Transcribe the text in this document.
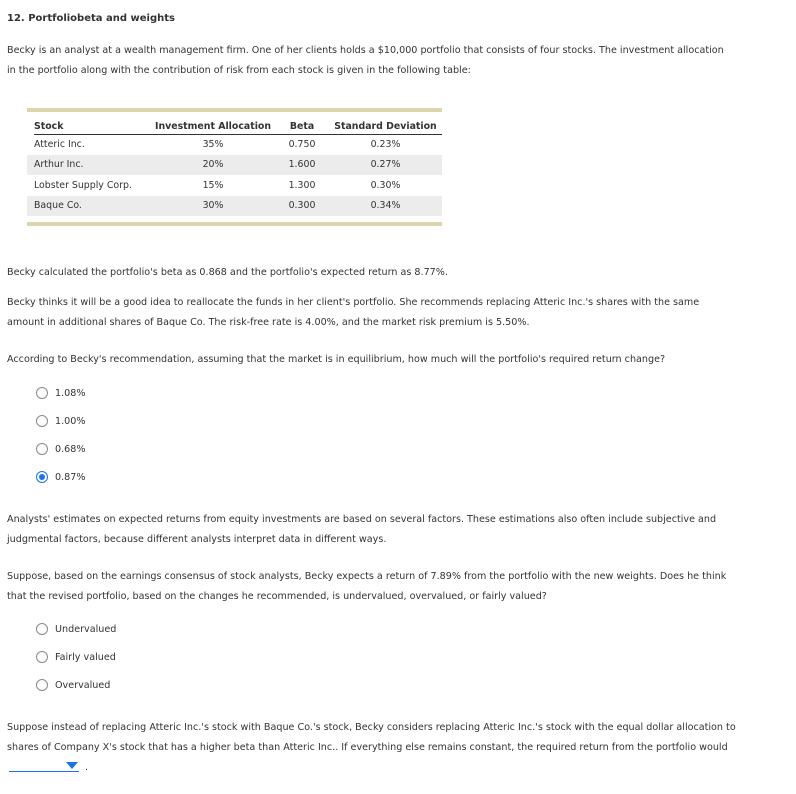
12. Portfoliobeta and weights
Becky is an analyst at a wealth management firm. One of her clients holds a $10,000 portfolio that consists of four stocks. The investment allocation
in the portfolio along with the contribution of risk from each stock is given in the following table:
	Stock	Investment Allocation	Beta	Standard Deviation
	Atteric Inc.	35%	0.750	0.23%
	Arthur Inc.	20%	1.600	0.27%
	Lobster Supply Corp.	15%	1.300	0.30%
	Baque Co.	30%	0.300	0.34%

Becky calculated the portfolio's beta as 0.868 and the portfolio's expected return as 8.77%.
Becky thinks it will be a good idea to reallocate the funds in her client's portfolio. She recommends replacing Atteric Inc.'s shares with the same
amount in additional shares of Baque Co. The risk-free rate is 4.00%, and the market risk premium is 5.50%.
According to Becky's recommendation, assuming that the market is in equilibrium, how much will the portfolio's required return change?
1.08%
1.00%
0.68%
0.87%
Analysts' estimates on expected returns from equity investments are based on several factors. These estimations also often include subjective and
judgmental factors, because different analysts interpret data in different ways.
Suppose, based on the earnings consensus of stock analysts, Becky expects a return of 7.89% from the portfolio with the new weights. Does he think
that the revised portfolio, based on the changes he recommended, is undervalued, overvalued, or fairly valued?
Undervalued
Fairly valued
Overvalued
Suppose instead of replacing Atteric Inc.'s stock with Baque Co.'s stock, Becky considers replacing Atteric Inc.'s stock with the equal dollar allocation to
shares of Company X's stock that has a higher beta than Atteric Inc.. If everything else remains constant, the required return from the portfolio would
.
